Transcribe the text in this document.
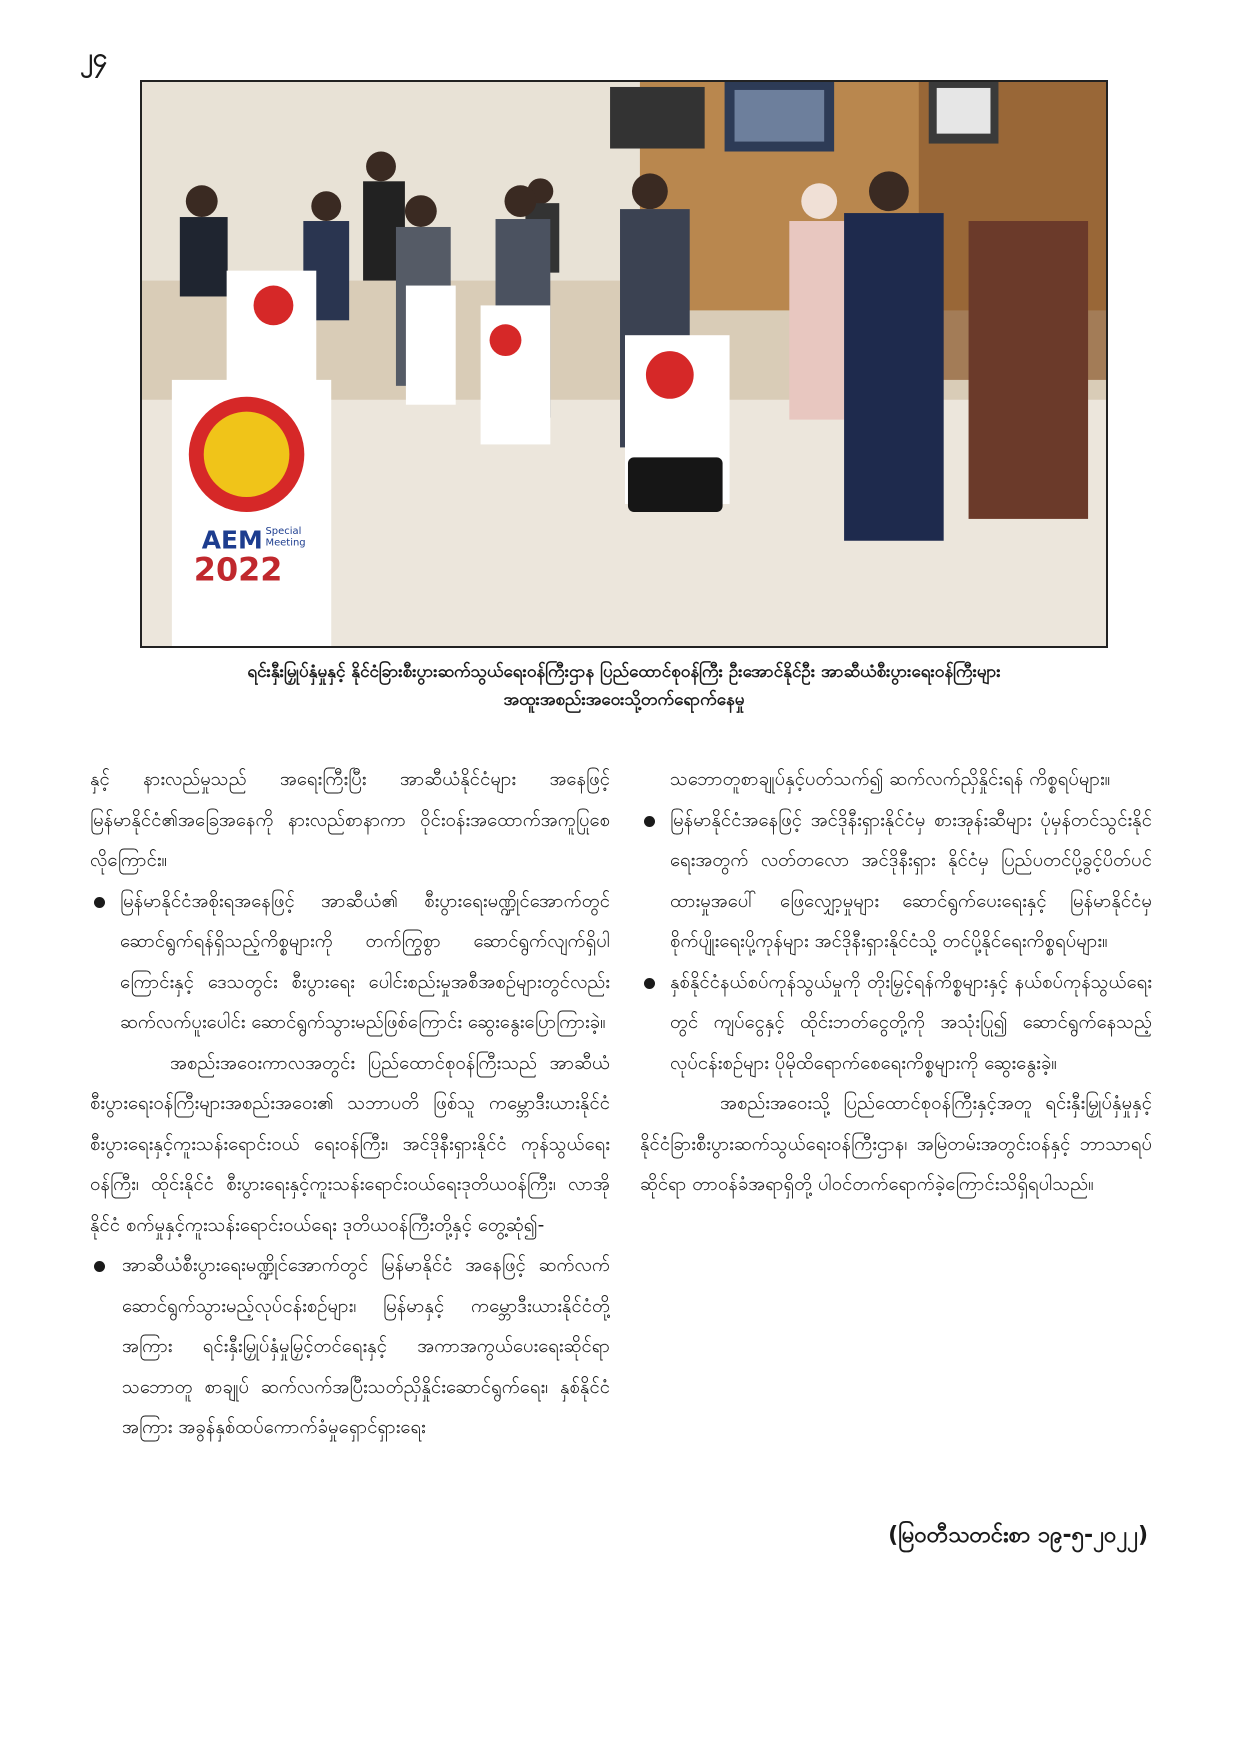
၂၄
asean
AEM Special
Meeting
2022
ရင်းနှီးမြှုပ်နှံမှုနှင့် နိုင်ငံခြားစီးပွားဆက်သွယ်ရေးဝန်ကြီးဌာန ပြည်ထောင်စုဝန်ကြီး ဦးအောင်နိုင်ဦး အာဆီယံစီးပွားရေးဝန်ကြီးများ
အထူးအစည်းအဝေးသို့တက်ရောက်နေမှု

နှင့် နားလည်မှုသည် အရေးကြီးပြီး အာဆီယံနိုင်ငံများ အနေဖြင့် မြန်မာနိုင်ငံ၏အခြေအနေကို နားလည်စာနာကာ ဝိုင်းဝန်းအထောက်အကူပြုစေလိုကြောင်း။

မြန်မာနိုင်ငံအစိုးရအနေဖြင့် အာဆီယံ၏ စီးပွားရေးမဏ္ဍိုင်အောက်တွင် ဆောင်ရွက်ရန်ရှိသည့်ကိစ္စများကို တက်ကြွစွာ ဆောင်ရွက်လျက်ရှိပါကြောင်းနှင့် ဒေသတွင်း စီးပွားရေး ပေါင်းစည်းမှုအစီအစဉ်များတွင်လည်း ဆက်လက်ပူးပေါင်း ဆောင်ရွက်သွားမည်ဖြစ်ကြောင်း ဆွေးနွေးပြောကြားခဲ့။

အစည်းအဝေးကာလအတွင်း ပြည်ထောင်စုဝန်ကြီးသည် အာဆီယံစီးပွားရေးဝန်ကြီးများအစည်းအဝေး၏ သဘာပတိ ဖြစ်သူ ကမ္ဘောဒီးယားနိုင်ငံ စီးပွားရေးနှင့်ကူးသန်းရောင်းဝယ် ရေးဝန်ကြီး၊ အင်ဒိုနီးရှားနိုင်ငံ ကုန်သွယ်ရေးဝန်ကြီး၊ ထိုင်းနိုင်ငံ စီးပွားရေးနှင့်ကူးသန်းရောင်းဝယ်ရေးဒုတိယဝန်ကြီး၊ လာအို နိုင်ငံ စက်မှုနှင့်ကူးသန်းရောင်းဝယ်ရေး ဒုတိယဝန်ကြီးတို့နှင့် တွေ့ဆုံ၍-

အာဆီယံစီးပွားရေးမဏ္ဍိုင်အောက်တွင် မြန်မာနိုင်ငံ အနေဖြင့် ဆက်လက်ဆောင်ရွက်သွားမည့်လုပ်ငန်းစဉ်များ၊ မြန်မာနှင့် ကမ္ဘောဒီးယားနိုင်ငံတို့အကြား ရင်းနှီးမြှုပ်နှံမှုမြှင့်တင်ရေးနှင့် အကာအကွယ်ပေးရေးဆိုင်ရာသဘောတူ စာချုပ် ဆက်လက်အပြီးသတ်ညှိနှိုင်းဆောင်ရွက်ရေး၊ နှစ်နိုင်ငံအကြား အခွန်နှစ်ထပ်ကောက်ခံမှုရှောင်ရှားရေး

သဘောတူစာချုပ်နှင့်ပတ်သက်၍ ဆက်လက်ညှိနှိုင်းရန် ကိစ္စရပ်များ။

မြန်မာနိုင်ငံအနေဖြင့် အင်ဒိုနီးရှားနိုင်ငံမှ စားအုန်းဆီများ ပုံမှန်တင်သွင်းနိုင်ရေးအတွက် လတ်တလော အင်ဒိုနီးရှား နိုင်ငံမှ ပြည်ပတင်ပို့ခွင့်ပိတ်ပင်ထားမှုအပေါ် ဖြေလျှော့မှုများ ဆောင်ရွက်ပေးရေးနှင့် မြန်မာနိုင်ငံမှ စိုက်ပျိုးရေးပို့ကုန်များ အင်ဒိုနီးရှားနိုင်ငံသို့ တင်ပို့နိုင်ရေးကိစ္စရပ်များ။

နှစ်နိုင်ငံနယ်စပ်ကုန်သွယ်မှုကို တိုးမြှင့်ရန်ကိစ္စများနှင့် နယ်စပ်ကုန်သွယ်ရေးတွင် ကျပ်ငွေနှင့် ထိုင်းဘတ်ငွေတို့ကို အသုံးပြု၍ ဆောင်ရွက်နေသည့်လုပ်ငန်းစဉ်များ ပိုမိုထိရောက်စေရေးကိစ္စများကို ဆွေးနွေးခဲ့။

အစည်းအဝေးသို့ ပြည်ထောင်စုဝန်ကြီးနှင့်အတူ ရင်းနှီးမြှုပ်နှံမှုနှင့် နိုင်ငံခြားစီးပွားဆက်သွယ်ရေးဝန်ကြီးဌာန၊ အမြဲတမ်းအတွင်းဝန်နှင့် ဘာသာရပ်ဆိုင်ရာ တာဝန်ခံအရာရှိတို့ ပါဝင်တက်ရောက်ခဲ့ကြောင်းသိရှိရပါသည်။

(မြဝတီသတင်းစာ ၁၉-၅-၂၀၂၂)
